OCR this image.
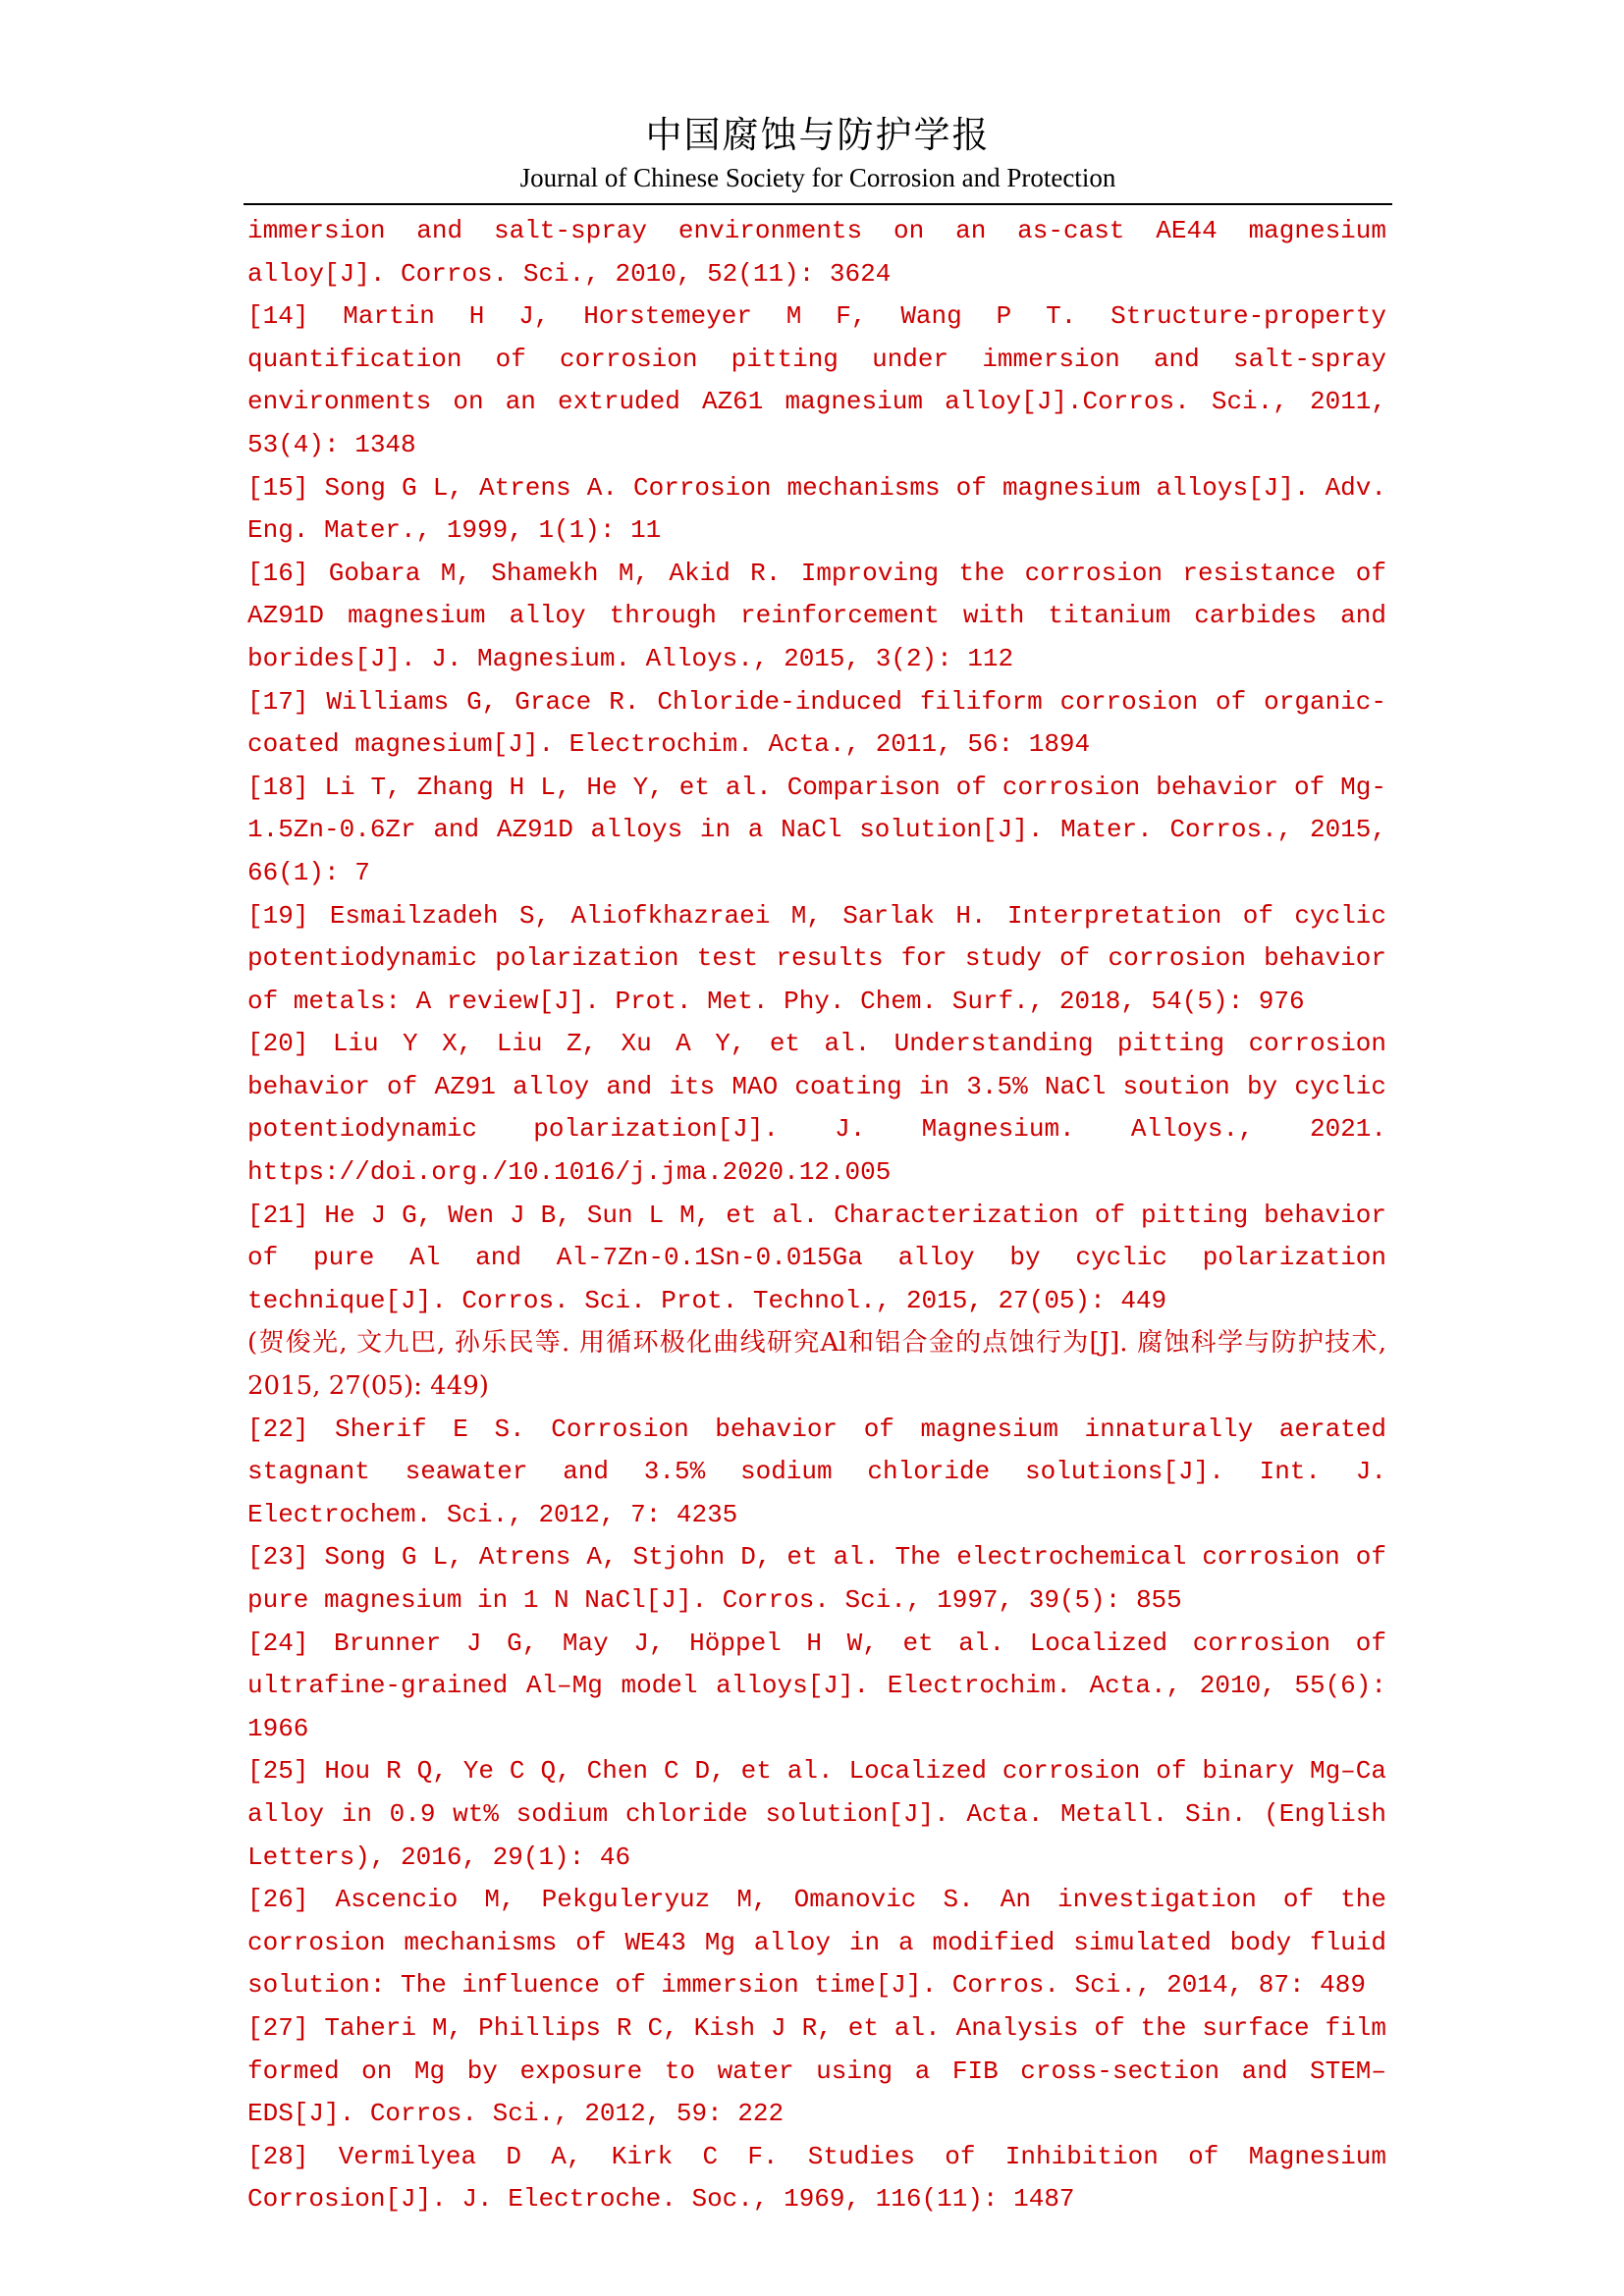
中国腐蚀与防护学报
Journal of Chinese Society for Corrosion and Protection

immersion and salt-spray environments on an as-cast AE44 magnesium alloy[J]. Corros. Sci., 2010, 52(11): 3624

[14] Martin H J, Horstemeyer M F, Wang P T. Structure-property quantification of corrosion pitting under immersion and salt-spray environments on an extruded AZ61 magnesium alloy[J].Corros. Sci., 2011, 53(4): 1348

[15] Song G L, Atrens A. Corrosion mechanisms of magnesium alloys[J]. Adv. Eng. Mater., 1999, 1(1): 11

[16] Gobara M, Shamekh M, Akid R. Improving the corrosion resistance of AZ91D magnesium alloy through reinforcement with titanium carbides and borides[J]. J. Magnesium. Alloys., 2015, 3(2): 112

[17] Williams G, Grace R. Chloride-induced filiform corrosion of organic-coated magnesium[J]. Electrochim. Acta., 2011, 56: 1894

[18] Li T, Zhang H L, He Y, et al. Comparison of corrosion behavior of Mg-1.5Zn-0.6Zr and AZ91D alloys in a NaCl solution[J]. Mater. Corros., 2015, 66(1): 7

[19] Esmailzadeh S, Aliofkhazraei M, Sarlak H. Interpretation of cyclic potentiodynamic polarization test results for study of corrosion behavior of metals: A review[J]. Prot. Met. Phy. Chem. Surf., 2018, 54(5): 976

[20] Liu Y X, Liu Z, Xu A Y, et al. Understanding pitting corrosion behavior of AZ91 alloy and its MAO coating in 3.5% NaCl soution by cyclic potentiodynamic polarization[J]. J. Magnesium. Alloys., 2021. https://doi.org./10.1016/j.jma.2020.12.005

[21] He J G, Wen J B, Sun L M, et al. Characterization of pitting behavior of pure Al and Al-7Zn-0.1Sn-0.015Ga alloy by cyclic polarization technique[J]. Corros. Sci. Prot. Technol., 2015, 27(05): 449

(贺俊光, 文九巴, 孙乐民等. 用循环极化曲线研究Al和铝合金的点蚀行为[J]. 腐蚀科学与防护技术, 2015, 27(05): 449)

[22] Sherif E S. Corrosion behavior of magnesium innaturally aerated stagnant seawater and 3.5% sodium chloride solutions[J]. Int. J. Electrochem. Sci., 2012, 7: 4235

[23] Song G L, Atrens A, Stjohn D, et al. The electrochemical corrosion of pure magnesium in 1 N NaCl[J]. Corros. Sci., 1997, 39(5): 855

[24] Brunner J G, May J, Höppel H W, et al. Localized corrosion of ultrafine-grained Al–Mg model alloys[J]. Electrochim. Acta., 2010, 55(6): 1966

[25] Hou R Q, Ye C Q, Chen C D, et al. Localized corrosion of binary Mg–Ca alloy in 0.9 wt% sodium chloride solution[J]. Acta. Metall. Sin. (English Letters), 2016, 29(1): 46

[26] Ascencio M, Pekguleryuz M, Omanovic S. An investigation of the corrosion mechanisms of WE43 Mg alloy in a modified simulated body fluid solution: The influence of immersion time[J]. Corros. Sci., 2014, 87: 489

[27] Taheri M, Phillips R C, Kish J R, et al. Analysis of the surface film formed on Mg by exposure to water using a FIB cross-section and STEM–EDS[J]. Corros. Sci., 2012, 59: 222

[28] Vermilyea D A, Kirk C F. Studies of Inhibition of Magnesium Corrosion[J]. J. Electroche. Soc., 1969, 116(11): 1487
